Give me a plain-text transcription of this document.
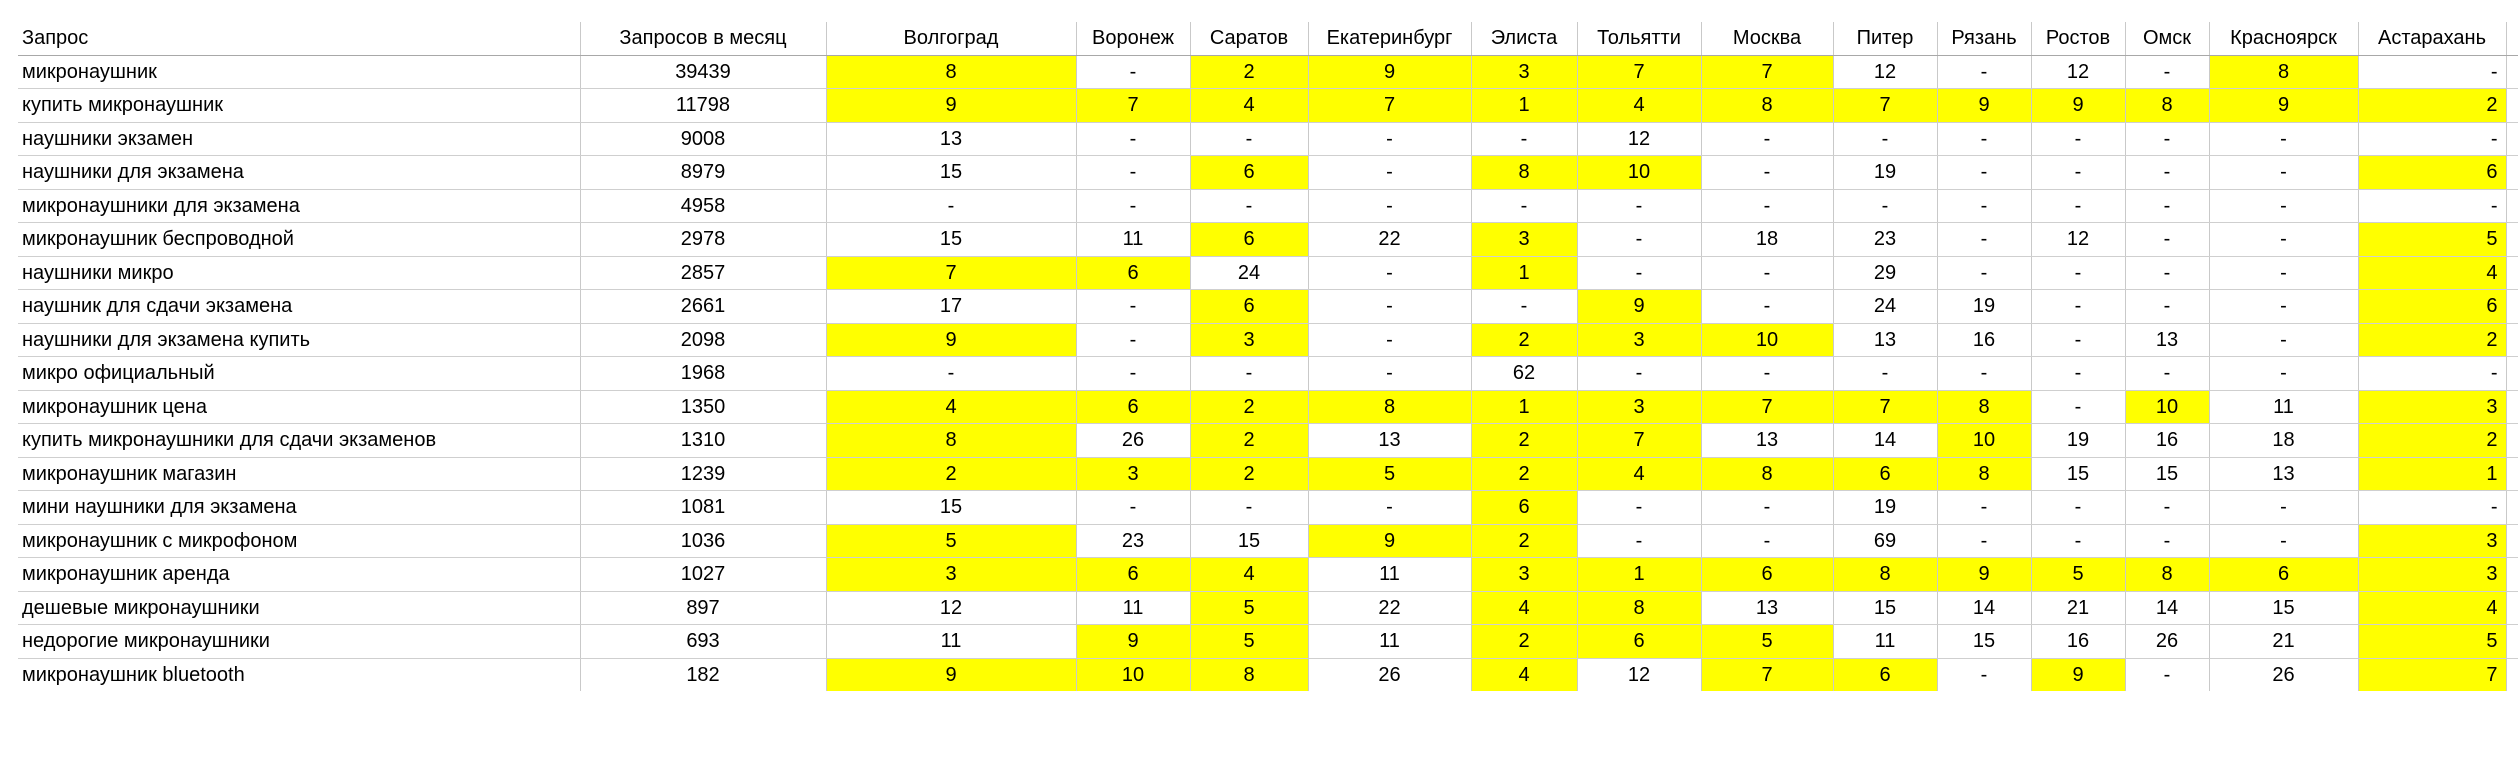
Запрос	Запросов в месяц	Волгоград	Воронеж	Саратов	Екатеринбург	Элиста	Тольятти	Москва	Питер	Рязань	Ростов	Омск	Красноярск	Астарахань	
микронаушник	39439	8	-	2	9	3	7	7	12	-	12	-	8	-	
купить микронаушник	11798	9	7	4	7	1	4	8	7	9	9	8	9	2	
наушники экзамен	9008	13	-	-	-	-	12	-	-	-	-	-	-	-	
наушники для экзамена	8979	15	-	6	-	8	10	-	19	-	-	-	-	6	
микронаушники для экзамена	4958	-	-	-	-	-	-	-	-	-	-	-	-	-	
микронаушник беспроводной	2978	15	11	6	22	3	-	18	23	-	12	-	-	5	
наушники микро	2857	7	6	24	-	1	-	-	29	-	-	-	-	4	
наушник для сдачи экзамена	2661	17	-	6	-	-	9	-	24	19	-	-	-	6	
наушники для экзамена купить	2098	9	-	3	-	2	3	10	13	16	-	13	-	2	
микро официальный	1968	-	-	-	-	62	-	-	-	-	-	-	-	-	
микронаушник цена	1350	4	6	2	8	1	3	7	7	8	-	10	11	3	
купить микронаушники для сдачи экзаменов	1310	8	26	2	13	2	7	13	14	10	19	16	18	2	
микронаушник магазин	1239	2	3	2	5	2	4	8	6	8	15	15	13	1	
мини наушники для экзамена	1081	15	-	-	-	6	-	-	19	-	-	-	-	-	
микронаушник с микрофоном	1036	5	23	15	9	2	-	-	69	-	-	-	-	3	
микронаушник аренда	1027	3	6	4	11	3	1	6	8	9	5	8	6	3	
дешевые микронаушники	897	12	11	5	22	4	8	13	15	14	21	14	15	4	
недорогие микронаушники	693	11	9	5	11	2	6	5	11	15	16	26	21	5	
микронаушник bluetooth	182	9	10	8	26	4	12	7	6	-	9	-	26	7	
